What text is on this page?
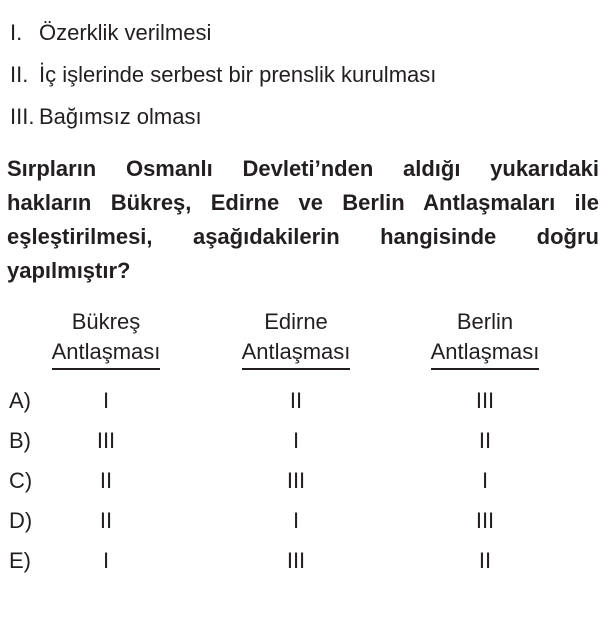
I. Özerklik verilmesi
II. İç işlerinde serbest bir prenslik kurulması
III. Bağımsız olması
Sırpların Osmanlı Devleti’nden aldığı yukarıdaki
hakların Bükreş, Edirne ve Berlin Antlaşmaları ile
eşleştirilmesi, aşağıdakilerin hangisinde doğru
yapılmıştır?
Bükreş
Antlaşması
Edirne
Antlaşması
Berlin
Antlaşması
A)	I	II	III
B)	III	I	II
C)	II	III	I
D)	II	I	III
E)	I	III	II
